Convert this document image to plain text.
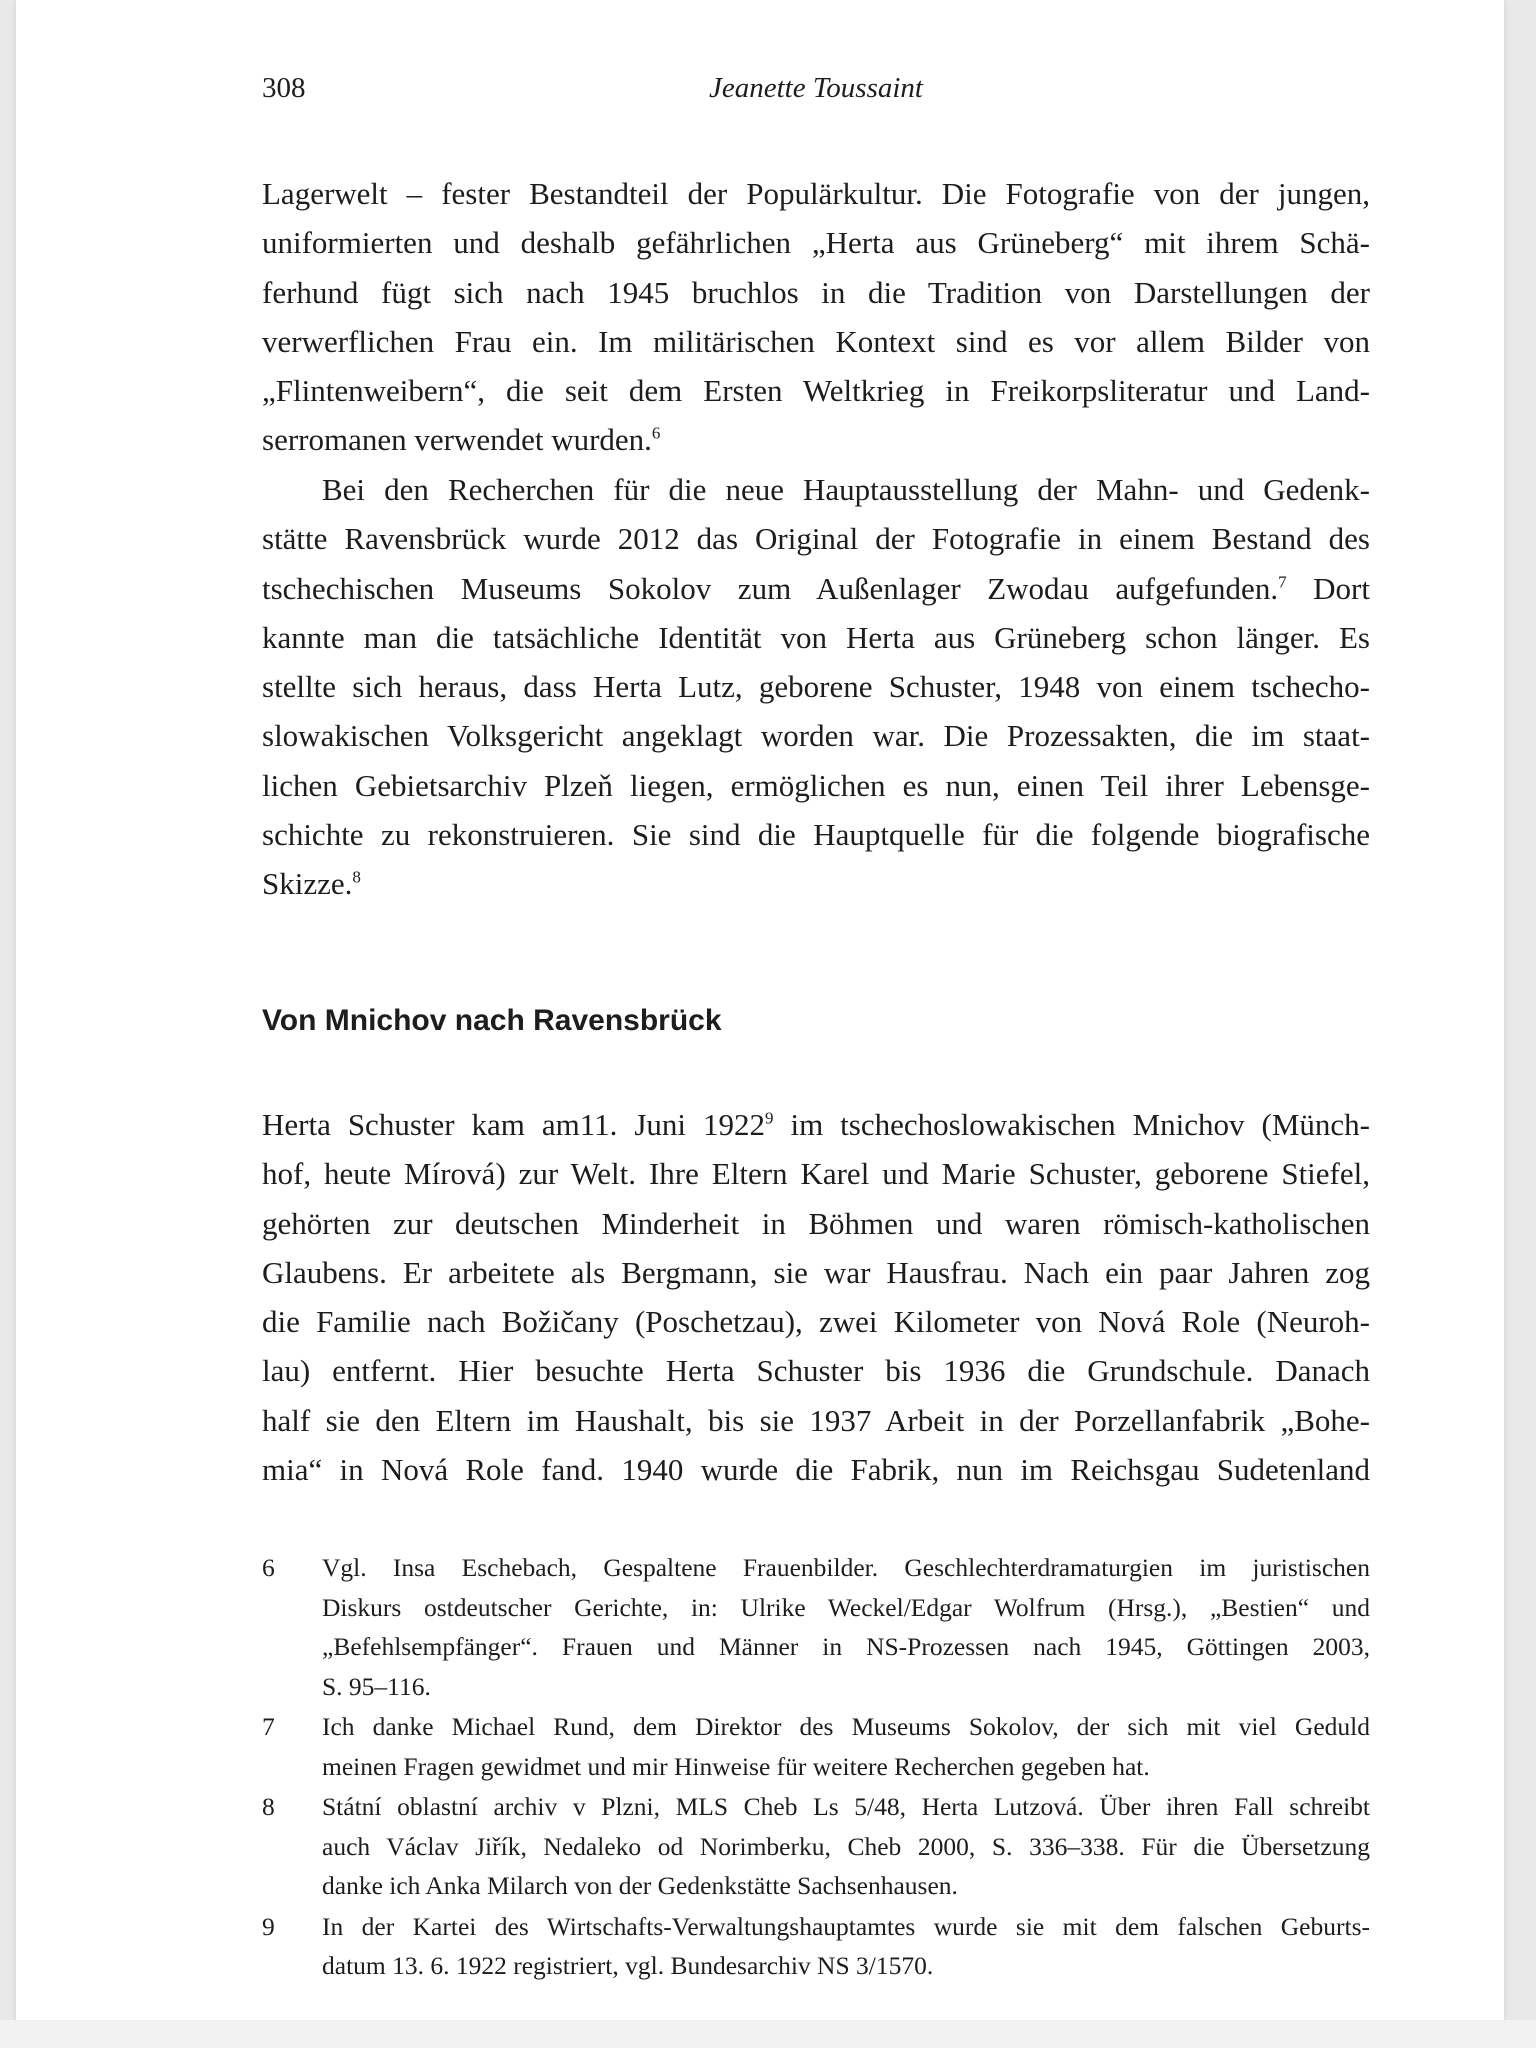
308	Jeanette Toussaint

Lagerwelt – fester Bestandteil der Populärkultur. Die Fotografie von der jungen,
uniformierten und deshalb gefährlichen „Herta aus Grüneberg“ mit ihrem Schä-
ferhund fügt sich nach 1945 bruchlos in die Tradition von Darstellungen der
verwerflichen Frau ein. Im militärischen Kontext sind es vor allem Bilder von
„Flintenweibern“, die seit dem Ersten Weltkrieg in Freikorpsliteratur und Land-
serromanen verwendet wurden.$^6$

Bei den Recherchen für die neue Hauptausstellung der Mahn- und Gedenk-
stätte Ravensbrück wurde 2012 das Original der Fotografie in einem Bestand des
tschechischen Museums Sokolov zum Außenlager Zwodau aufgefunden.$^7$ Dort
kannte man die tatsächliche Identität von Herta aus Grüneberg schon länger. Es
stellte sich heraus, dass Herta Lutz, geborene Schuster, 1948 von einem tschecho-
slowakischen Volksgericht angeklagt worden war. Die Prozessakten, die im staat-
lichen Gebietsarchiv Plzeň liegen, ermöglichen es nun, einen Teil ihrer Lebensge-
schichte zu rekonstruieren. Sie sind die Hauptquelle für die folgende biografische
Skizze.$^8$

Von Mnichov nach Ravensbrück

Herta Schuster kam am11. Juni 1922$^9$ im tschechoslowakischen Mnichov (Münch-
hof, heute Mírová) zur Welt. Ihre Eltern Karel und Marie Schuster, geborene Stiefel,
gehörten zur deutschen Minderheit in Böhmen und waren römisch-katholischen
Glaubens. Er arbeitete als Bergmann, sie war Hausfrau. Nach ein paar Jahren zog
die Familie nach Božičany (Poschetzau), zwei Kilometer von Nová Role (Neuroh-
lau) entfernt. Hier besuchte Herta Schuster bis 1936 die Grundschule. Danach
half sie den Eltern im Haushalt, bis sie 1937 Arbeit in der Porzellanfabrik „Bohe-
mia“ in Nová Role fand. 1940 wurde die Fabrik, nun im Reichsgau Sudetenland

6 Vgl. Insa Eschebach, Gespaltene Frauenbilder. Geschlechterdramaturgien im juristischen
Diskurs ostdeutscher Gerichte, in: Ulrike Weckel/Edgar Wolfrum (Hrsg.), „Bestien“ und
„Befehlsempfänger“. Frauen und Männer in NS-Prozessen nach 1945, Göttingen 2003,
S. 95–116.
7 Ich danke Michael Rund, dem Direktor des Museums Sokolov, der sich mit viel Geduld
meinen Fragen gewidmet und mir Hinweise für weitere Recherchen gegeben hat.
8 Státní oblastní archiv v Plzni, MLS Cheb Ls 5/48, Herta Lutzová. Über ihren Fall schreibt
auch Václav Jiřík, Nedaleko od Norimberku, Cheb 2000, S. 336–338. Für die Übersetzung
danke ich Anka Milarch von der Gedenkstätte Sachsenhausen.
9 In der Kartei des Wirtschafts-Verwaltungshauptamtes wurde sie mit dem falschen Geburts-
datum 13. 6. 1922 registriert, vgl. Bundesarchiv NS 3/1570.
